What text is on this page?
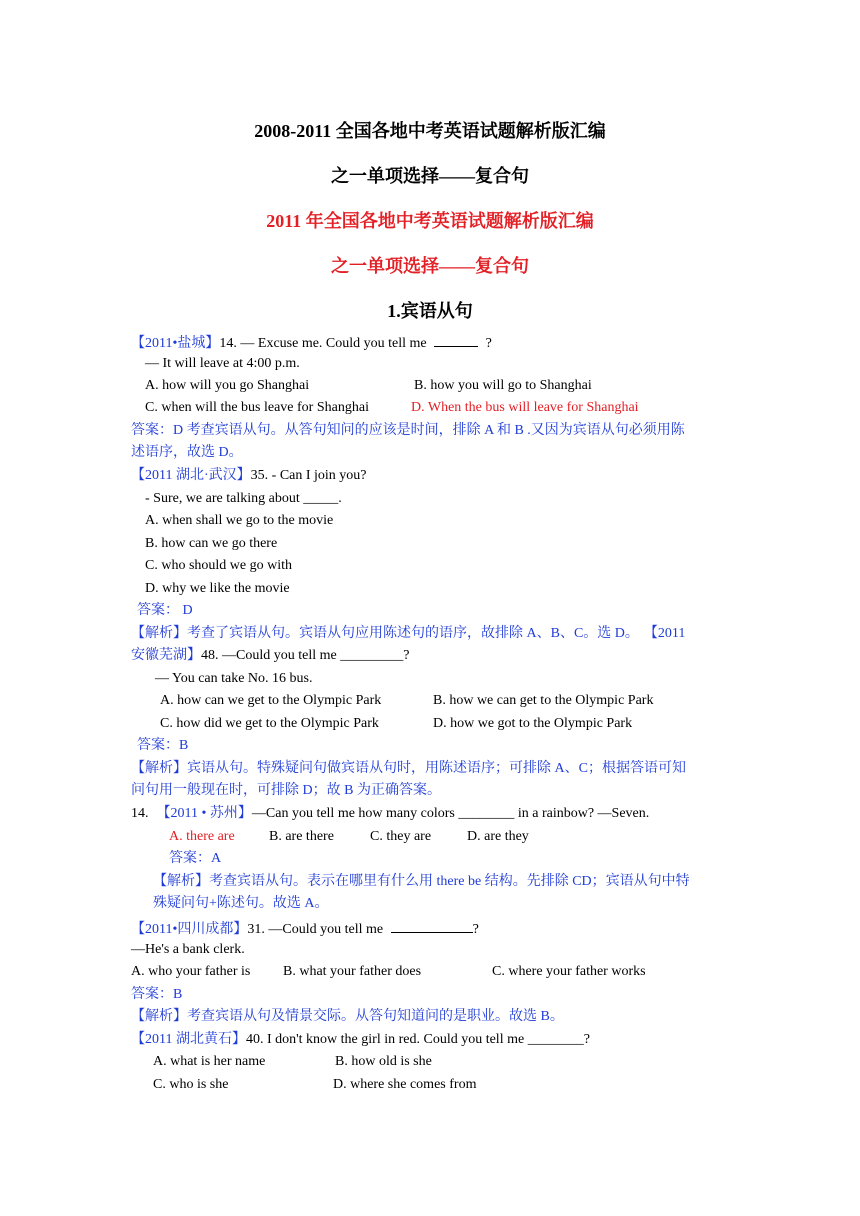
2008-2011 全国各地中考英语试题解析版汇编
之一单项选择——复合句
2011 年全国各地中考英语试题解析版汇编
之一单项选择——复合句
1.宾语从句
【2011•盐城】14. — Excuse me. Could you tell me	?
— It will leave at 4:00 p.m.
A. how will you go Shanghai	B. how you will go to Shanghai
C. when will the bus leave for Shanghai	D. When the bus will leave for Shanghai
答案：D 考查宾语从句。从答句知问的应该是时间，排除 A 和 B .又因为宾语从句必须用陈
述语序，故选 D。
【2011 湖北·武汉】35. - Can I join you?
- Sure, we are talking about _____.
A. when shall we go to the movie
B. how can we go there
C. who should we go with
D. why we like the movie
答案： D
【解析】考查了宾语从句。宾语从句应用陈述句的语序，故排除 A、B、C。选 D。 【2011
安徽芜湖】48. —Could you tell me _________?
— You can take No. 16 bus.
A. how can we get to the Olympic Park	B. how we can get to the Olympic Park
C. how did we get to the Olympic Park	D. how we got to the Olympic Park
答案：B
【解析】宾语从句。特殊疑问句做宾语从句时，用陈述语序；可排除 A、C；根据答语可知
问句用一般现在时，可排除 D；故 B 为正确答案。
14. 【2011 • 苏州】—Can you tell me how many colors ________ in a rainbow? —Seven.
A. there are B. are there	C. they are	D. are they
答案：A
【解析】考查宾语从句。表示在哪里有什么用 there be 结构。先排除 CD；宾语从句中特
殊疑问句+陈述句。故选 A。
【2011•四川成都】31. —Could you tell me	?
—He's a bank clerk.
A. who your father is B. what your father does	C. where your father works
答案：B
【解析】考查宾语从句及情景交际。从答句知道问的是职业。故选 B。
【2011 湖北黄石】40. I don't know the girl in red. Could you tell me ________?
A. what is her name	B. how old is she
C. who is she	D. where she comes from
